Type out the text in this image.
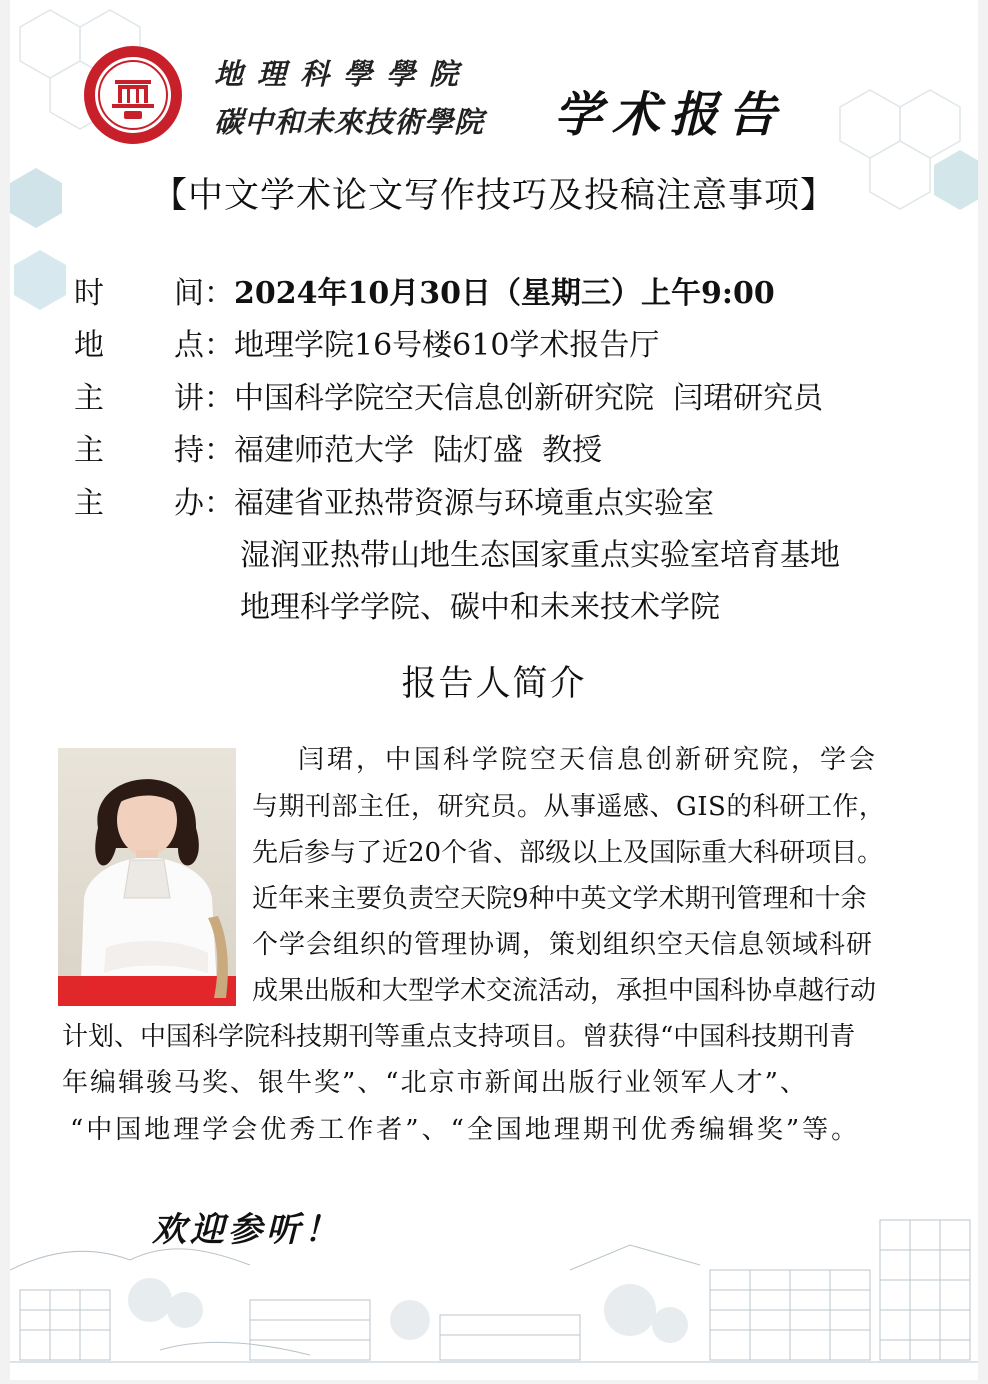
地理科學學院
碳中和未來技術學院 学术报告
【中文学术论文写作技巧及投稿注意事项】
时 间：2024年10月30日（星期三）上午9:00
地 点：地理学院16号楼610学术报告厅
主 讲：中国科学院空天信息创新研究院  闫珺研究员
主 持：福建师范大学  陆灯盛  教授
主 办：福建省亚热带资源与环境重点实验室
湿润亚热带山地生态国家重点实验室培育基地
地理科学学院、碳中和未来技术学院
报告人简介
闫珺，中国科学院空天信息创新研究院，学会
与期刊部主任，研究员。从事遥感、GIS的科研工作，
先后参与了近20个省、部级以上及国际重大科研项目。
近年来主要负责空天院9种中英文学术期刊管理和十余
个学会组织的管理协调，策划组织空天信息领域科研
成果出版和大型学术交流活动，承担中国科协卓越行动
计划、中国科学院科技期刊等重点支持项目。曾获得“中国科技期刊青
年编辑骏马奖、银牛奖”、“北京市新闻出版行业领军人才”、
“中国地理学会优秀工作者”、“全国地理期刊优秀编辑奖”等。
欢迎参听！
